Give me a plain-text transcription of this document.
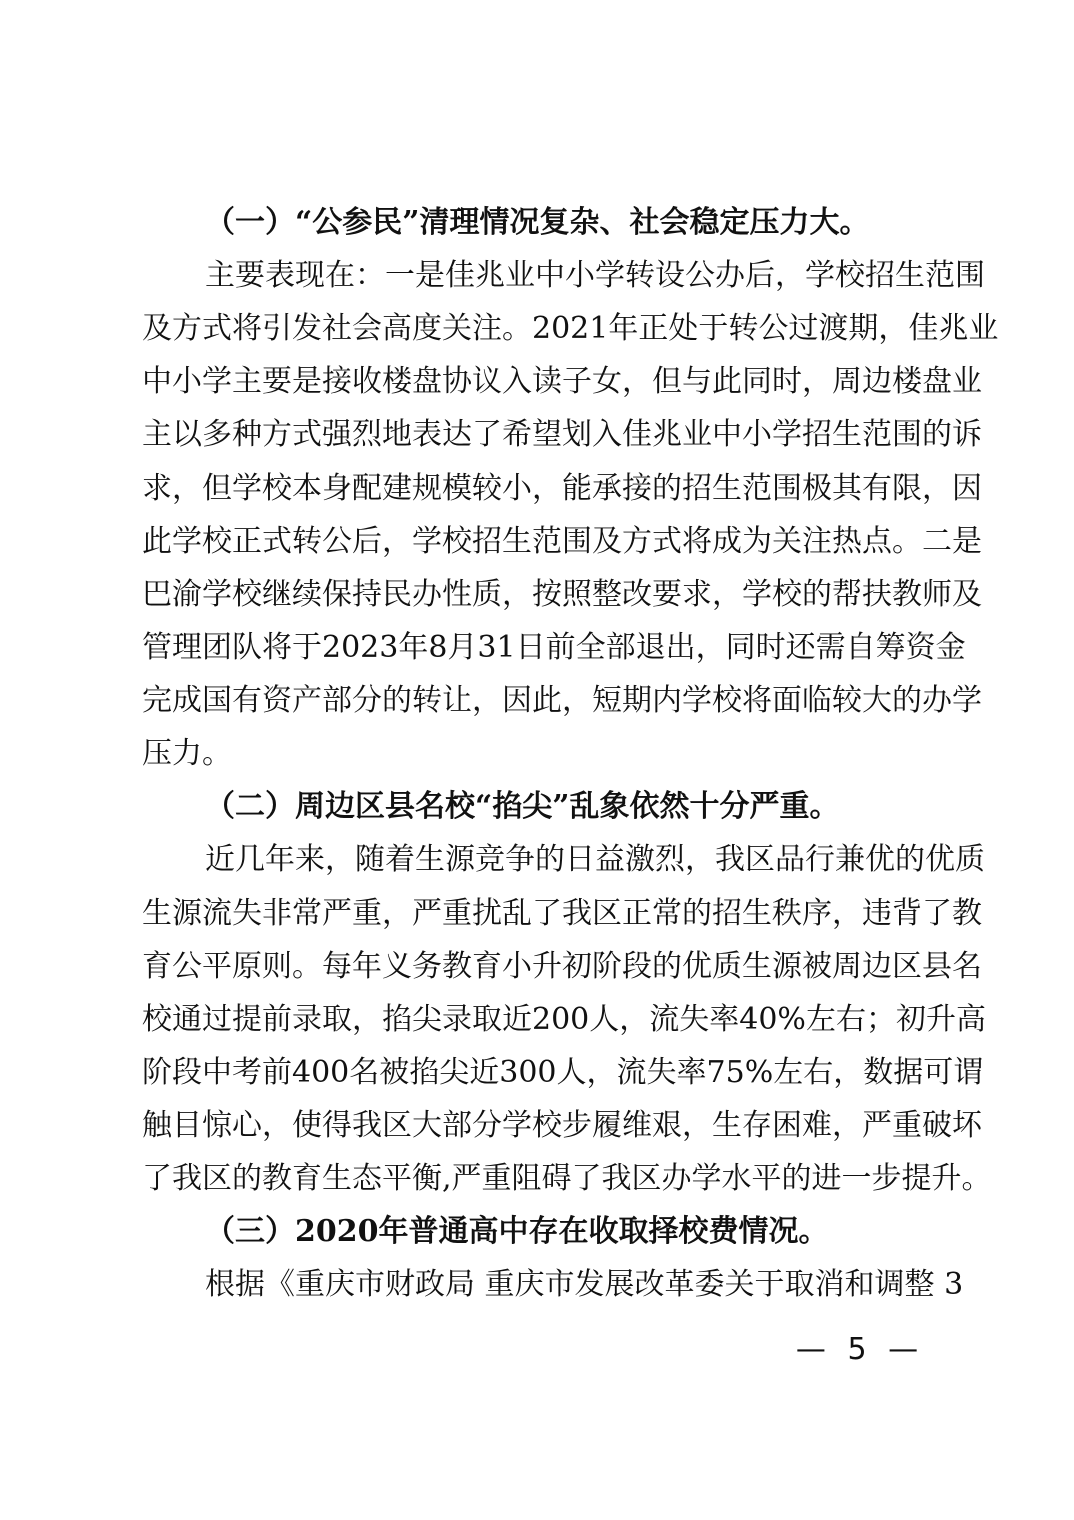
（一）“公参民”清理情况复杂、社会稳定压力大。
主要表现在：一是佳兆业中小学转设公办后，学校招生范围
及方式将引发社会高度关注。2021年正处于转公过渡期，佳兆业
中小学主要是接收楼盘协议入读子女，但与此同时，周边楼盘业
主以多种方式强烈地表达了希望划入佳兆业中小学招生范围的诉
求，但学校本身配建规模较小，能承接的招生范围极其有限，因
此学校正式转公后，学校招生范围及方式将成为关注热点。二是
巴渝学校继续保持民办性质，按照整改要求，学校的帮扶教师及
管理团队将于2023年8月31日前全部退出，同时还需自筹资金
完成国有资产部分的转让，因此，短期内学校将面临较大的办学
压力。
（二）周边区县名校“掐尖”乱象依然十分严重。
近几年来，随着生源竞争的日益激烈，我区品行兼优的优质
生源流失非常严重，严重扰乱了我区正常的招生秩序，违背了教
育公平原则。每年义务教育小升初阶段的优质生源被周边区县名
校通过提前录取，掐尖录取近200人，流失率40%左右；初升高
阶段中考前400名被掐尖近300人，流失率75%左右，数据可谓
触目惊心，使得我区大部分学校步履维艰，生存困难，严重破坏
了我区的教育生态平衡,严重阻碍了我区办学水平的进一步提升。
（三）2020年普通高中存在收取择校费情况。
根据《重庆市财政局 重庆市发展改革委关于取消和调整 3
— 5 —
